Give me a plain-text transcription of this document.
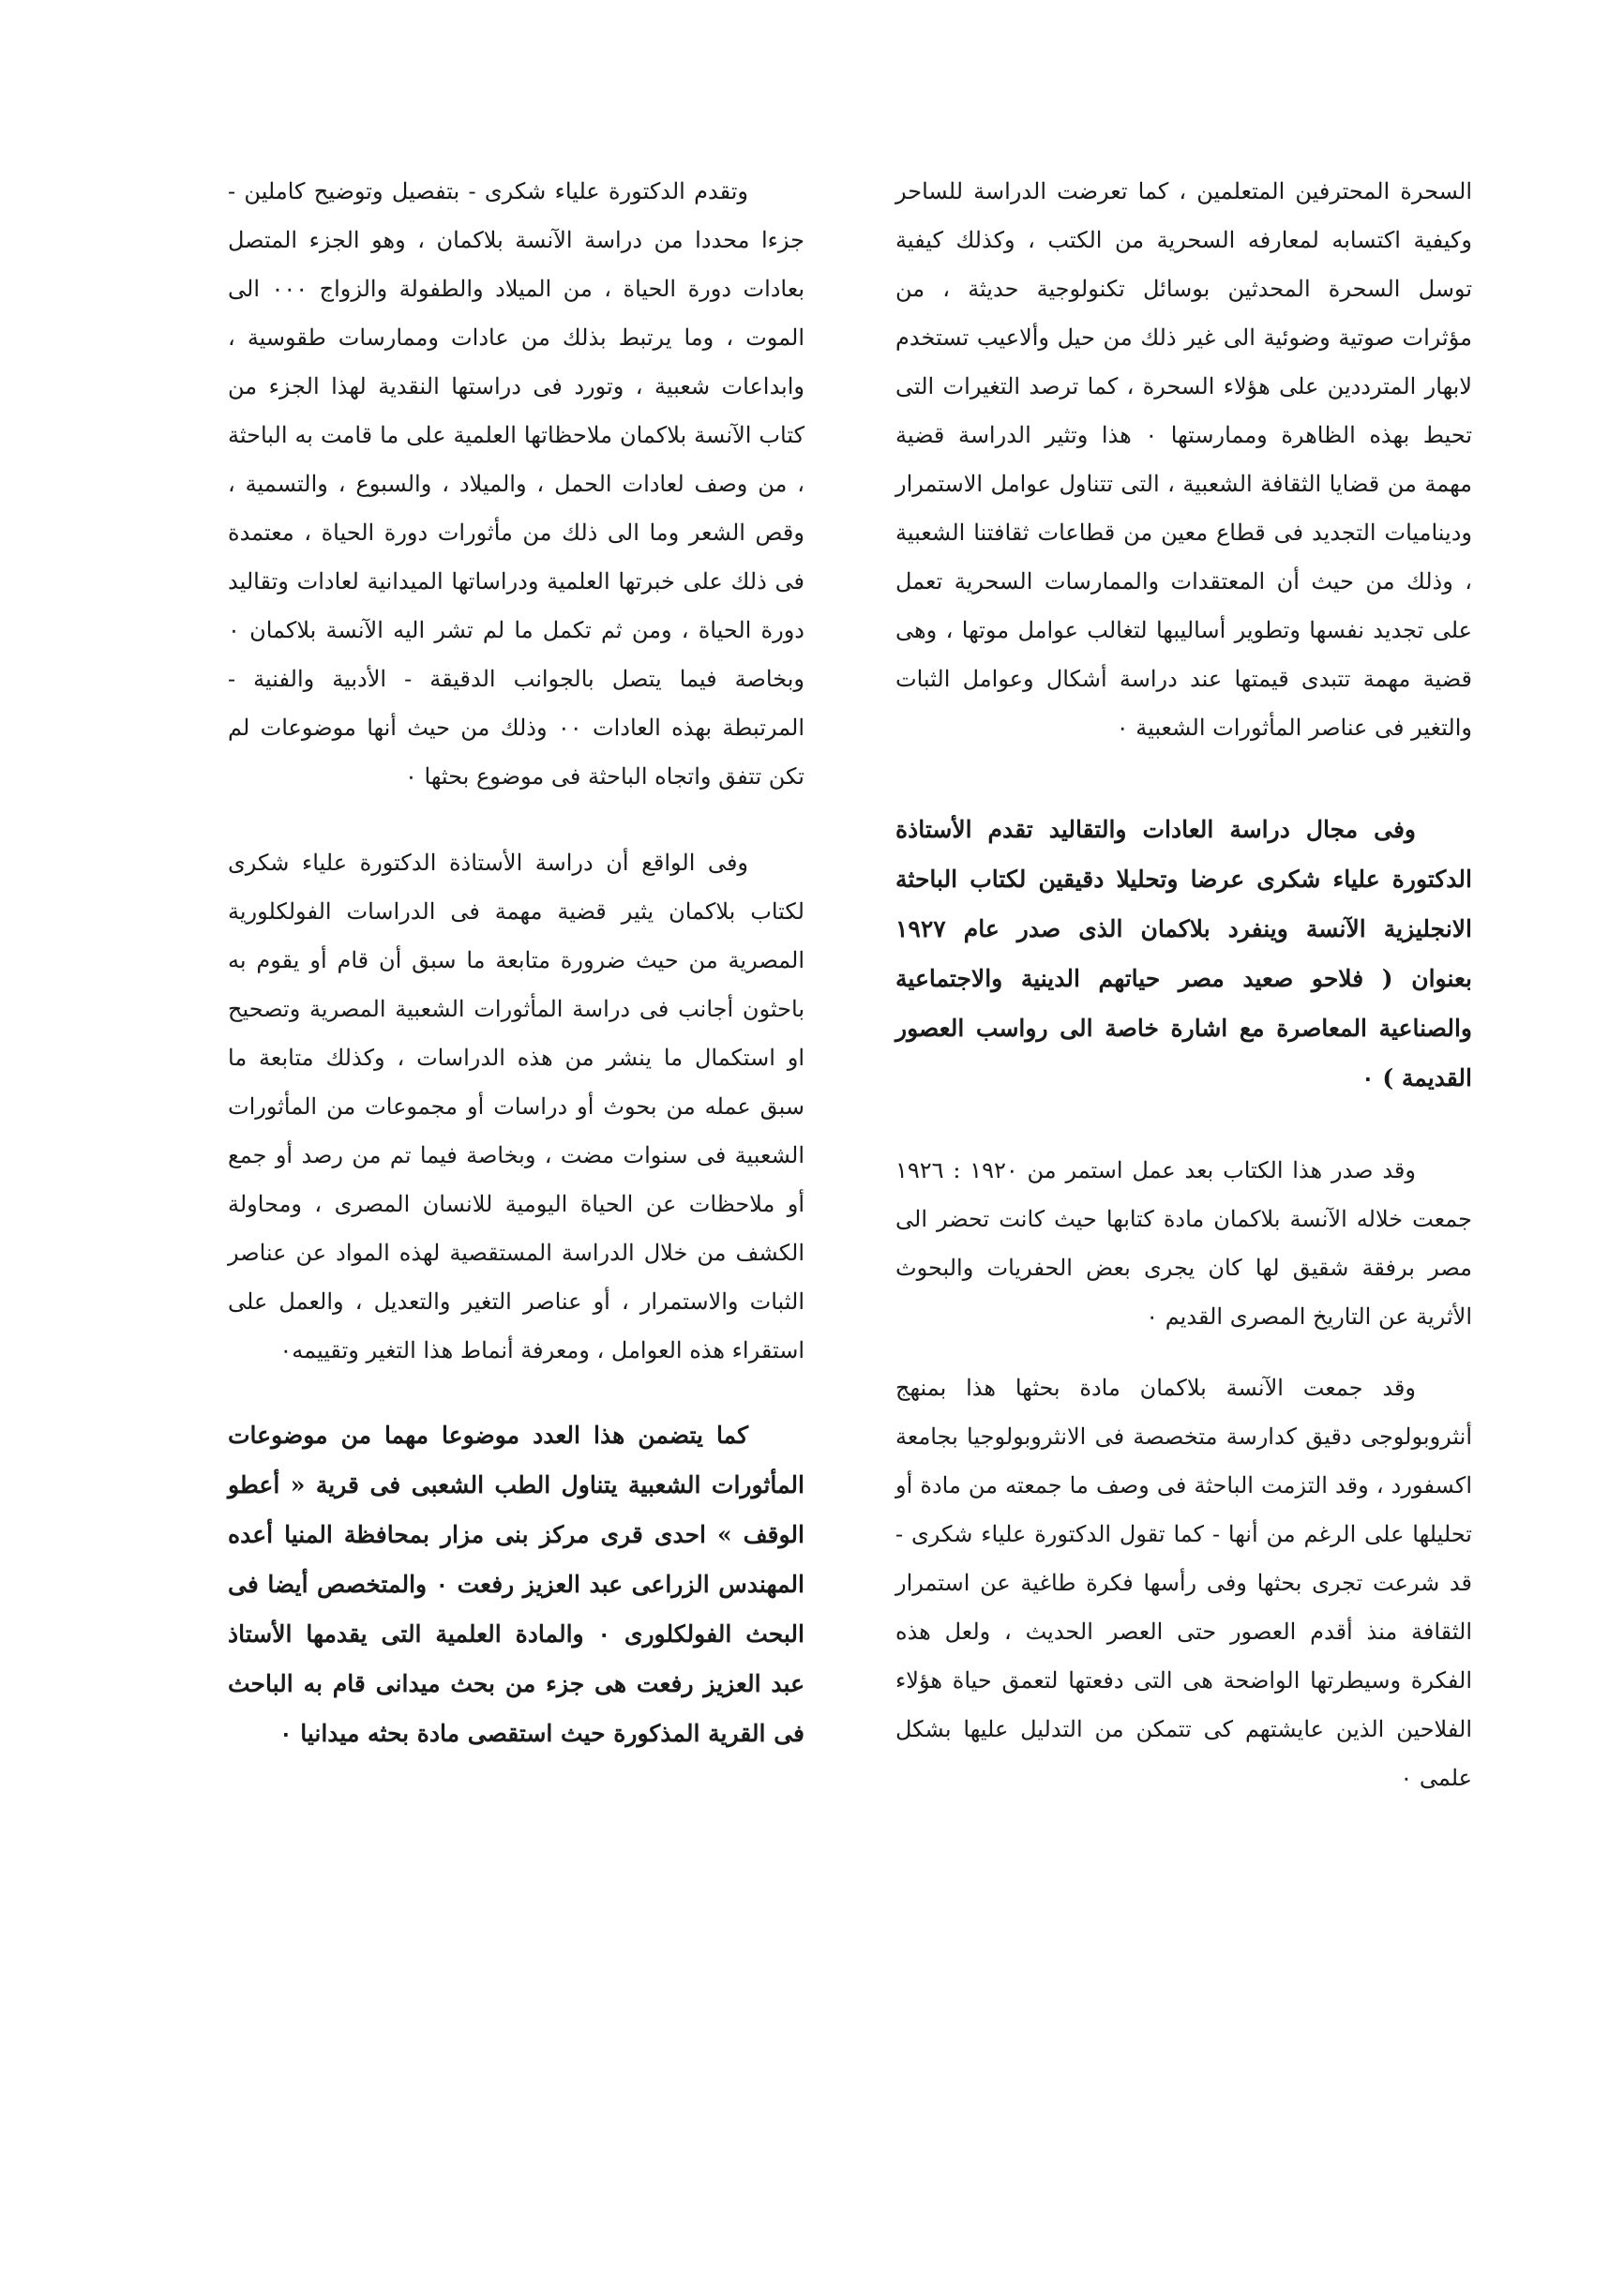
السحرة المحترفين المتعلمين ، كما تعرضت الدراسة للساحر وكيفية اكتسابه لمعارفه السحرية من الكتب ، وكذلك كيفية توسل السحرة المحدثين بوسائل تكنولوجية حديثة ، من مؤثرات صوتية وضوئية الى غير ذلك من حيل وألاعيب تستخدم لابهار المترددين على هؤلاء السحرة ، كما ترصد التغيرات التى تحيط بهذه الظاهرة وممارستها ٠ هذا وتثير الدراسة قضية مهمة من قضايا الثقافة الشعبية ، التى تتناول عوامل الاستمرار وديناميات التجديد فى قطاع معين من قطاعات ثقافتنا الشعبية ، وذلك من حيث أن المعتقدات والممارسات السحرية تعمل على تجديد نفسها وتطوير أساليبها لتغالب عوامل موتها ، وهى قضية مهمة تتبدى قيمتها عند دراسة أشكال وعوامل الثبات والتغير فى عناصر المأثورات الشعبية ٠

وفى مجال دراسة العادات والتقاليد تقدم الأستاذة الدكتورة علياء شكرى عرضا وتحليلا دقيقين لكتاب الباحثة الانجليزية الآنسة وينفرد بلاكمان الذى صدر عام ١٩٢٧ بعنوان ( فلاحو صعيد مصر حياتهم الدينية والاجتماعية والصناعية المعاصرة مع اشارة خاصة الى رواسب العصور القديمة ) ٠

وقد صدر هذا الكتاب بعد عمل استمر من ١٩٢٠ : ١٩٢٦ جمعت خلاله الآنسة بلاكمان مادة كتابها حيث كانت تحضر الى مصر برفقة شقيق لها كان يجرى بعض الحفريات والبحوث الأثرية عن التاريخ المصرى القديم ٠

وقد جمعت الآنسة بلاكمان مادة بحثها هذا بمنهج أنثروبولوجى دقيق كدارسة متخصصة فى الانثروبولوجيا بجامعة اكسفورد ، وقد التزمت الباحثة فى وصف ما جمعته من مادة أو تحليلها على الرغم من أنها - كما تقول الدكتورة علياء شكرى - قد شرعت تجرى بحثها وفى رأسها فكرة طاغية عن استمرار الثقافة منذ أقدم العصور حتى العصر الحديث ، ولعل هذه الفكرة وسيطرتها الواضحة هى التى دفعتها لتعمق حياة هؤلاء الفلاحين الذين عايشتهم كى تتمكن من التدليل عليها بشكل علمى ٠

وتقدم الدكتورة علياء شكرى - بتفصيل وتوضيح كاملين - جزءا محددا من دراسة الآنسة بلاكمان ، وهو الجزء المتصل بعادات دورة الحياة ، من الميلاد والطفولة والزواج ٠٠٠ الى الموت ، وما يرتبط بذلك من عادات وممارسات طقوسية ، وابداعات شعبية ، وتورد فى دراستها النقدية لهذا الجزء من كتاب الآنسة بلاكمان ملاحظاتها العلمية على ما قامت به الباحثة ، من وصف لعادات الحمل ، والميلاد ، والسبوع ، والتسمية ، وقص الشعر وما الى ذلك من مأثورات دورة الحياة ، معتمدة فى ذلك على خبرتها العلمية ودراساتها الميدانية لعادات وتقاليد دورة الحياة ، ومن ثم تكمل ما لم تشر اليه الآنسة بلاكمان ٠ وبخاصة فيما يتصل بالجوانب الدقيقة - الأدبية والفنية - المرتبطة بهذه العادات ٠٠ وذلك من حيث أنها موضوعات لم تكن تتفق واتجاه الباحثة فى موضوع بحثها ٠

وفى الواقع أن دراسة الأستاذة الدكتورة علياء شكرى لكتاب بلاكمان يثير قضية مهمة فى الدراسات الفولكلورية المصرية من حيث ضرورة متابعة ما سبق أن قام أو يقوم به باحثون أجانب فى دراسة المأثورات الشعبية المصرية وتصحيح او استكمال ما ينشر من هذه الدراسات ، وكذلك متابعة ما سبق عمله من بحوث أو دراسات أو مجموعات من المأثورات الشعبية فى سنوات مضت ، وبخاصة فيما تم من رصد أو جمع أو ملاحظات عن الحياة اليومية للانسان المصرى ، ومحاولة الكشف من خلال الدراسة المستقصية لهذه المواد عن عناصر الثبات والاستمرار ، أو عناصر التغير والتعديل ، والعمل على استقراء هذه العوامل ، ومعرفة أنماط هذا التغير وتقييمه٠

كما يتضمن هذا العدد موضوعا مهما من موضوعات المأثورات الشعبية يتناول الطب الشعبى فى قرية « أعطو الوقف » احدى قرى مركز بنى مزار بمحافظة المنيا أعده المهندس الزراعى عبد العزيز رفعت ٠ والمتخصص أيضا فى البحث الفولكلورى ٠ والمادة العلمية التى يقدمها الأستاذ عبد العزيز رفعت هى جزء من بحث ميدانى قام به الباحث فى القرية المذكورة حيث استقصى مادة بحثه ميدانيا ٠
